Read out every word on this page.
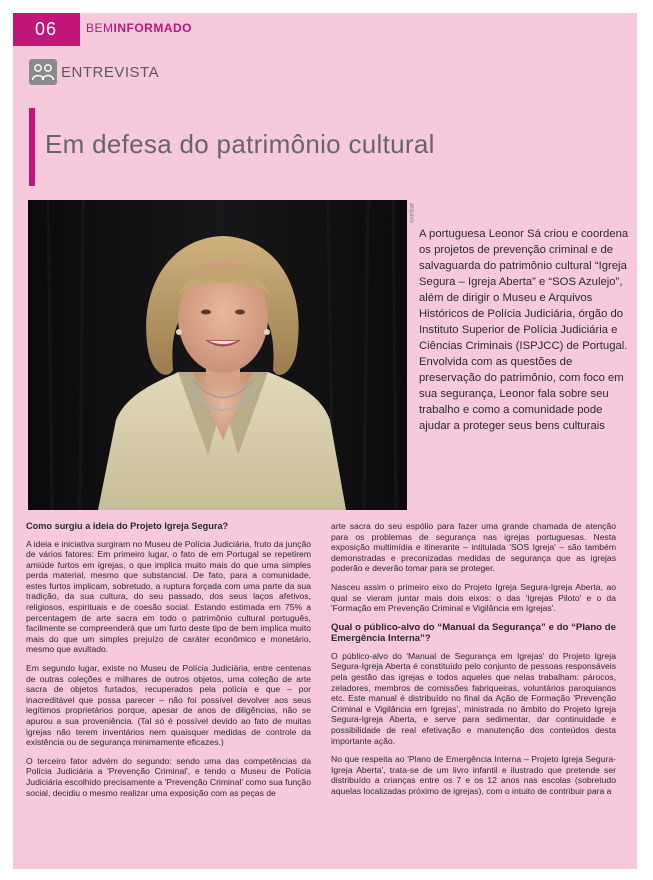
06	BEMINFORMADO
ENTREVISTA
Em defesa do patrimônio cultural
arquivo
A portuguesa Leonor Sá criou e coordena os projetos de prevenção criminal e de salvaguarda do patrimônio cultural “Igreja Segura – Igreja Aberta” e “SOS Azulejo”, além de dirigir o Museu e Arquivos Históricos de Polícia Judiciária, órgão do Instituto Superior de Polícia Judiciária e Ciências Criminais (ISPJCC) de Portugal. Envolvida com as questões de preservação do patrimônio, com foco em sua segurança, Leonor fala sobre seu trabalho e como a comunidade pode ajudar a proteger seus bens culturais
Como surgiu a ideia do Projeto Igreja Segura?

A ideia e iniciativa surgiram no Museu de Polícia Judiciária, fruto da junção de vários fatores: Em primeiro lugar, o fato de em Portugal se repetirem amiúde furtos em igrejas, o que implica muito mais do que uma simples perda material, mesmo que substancial. De fato, para a comunidade, estes furtos implicam, sobretudo, a ruptura forçada com uma parte da sua tradição, da sua cultura, do seu passado, dos seus laços afetivos, religiosos, espirituais e de coesão social. Estando estimada em 75% a percentagem de arte sacra em todo o patrimônio cultural português, facilmente se compreenderá que um furto deste tipo de bem implica muito mais do que um simples prejuízo de caráter econômico e monetário, mesmo que avultado.

Em segundo lugar, existe no Museu de Polícia Judiciária, entre centenas de outras coleções e milhares de outros objetos, uma coleção de arte sacra de objetos furtados, recuperados pela polícia e que – por inacreditável que possa parecer – não foi possível devolver aos seus legítimos proprietários porque, apesar de anos de diligências, não se apurou a sua proveniência. (Tal só é possível devido ao fato de muitas igrejas não terem inventários nem quaisquer medidas de controle da existência ou de segurança minimamente eficazes.)

O terceiro fator advém do segundo: sendo uma das competências da Polícia Judiciária a 'Prevenção Criminal', e tendo o Museu de Polícia Judiciária escolhido precisamente a 'Prevenção Criminal' como sua função social, decidiu o mesmo realizar uma exposição com as peças de

arte sacra do seu espólio para fazer uma grande chamada de atenção para os problemas de segurança nas igrejas portuguesas. Nesta exposição multimídia e itinerante – intitulada 'SOS Igreja' – são também demonstradas e preconizadas medidas de segurança que as igrejas poderão e deverão tomar para se proteger.

Nasceu assim o primeiro eixo do Projeto Igreja Segura-Igreja Aberta, ao qual se vieram juntar mais dois eixos: o das 'Igrejas Piloto' e o da 'Formação em Prevenção Criminal e Vigilância em Igrejas'.

Qual o público-alvo do “Manual da Segurança” e do “Plano de Emergência Interna”?

O público-alvo do 'Manual de Segurança em Igrejas' do Projeto Igreja Segura-Igreja Aberta é constituído pelo conjunto de pessoas responsáveis pela gestão das igrejas e todos aqueles que nelas trabalham: párocos, zeladores, membros de comissões fabriqueiras, voluntários paroquianos etc. Este manual é distribuído no final da Ação de Formação 'Prevenção Criminal e Vigilância em Igrejas', ministrada no âmbito do Projeto Igreja Segura-Igreja Aberta, e serve para sedimentar, dar continuidade e possibilidade de real efetivação e manutenção dos conteúdos desta importante ação.

No que respeita ao 'Plano de Emergência Interna – Projeto Igreja Segura-Igreja Aberta', trata-se de um livro infantil e ilustrado que pretende ser distribuído a crianças entre os 7 e os 12 anos nas escolas (sobretudo aquelas localizadas próximo de igrejas), com o intuito de contribuir para a
